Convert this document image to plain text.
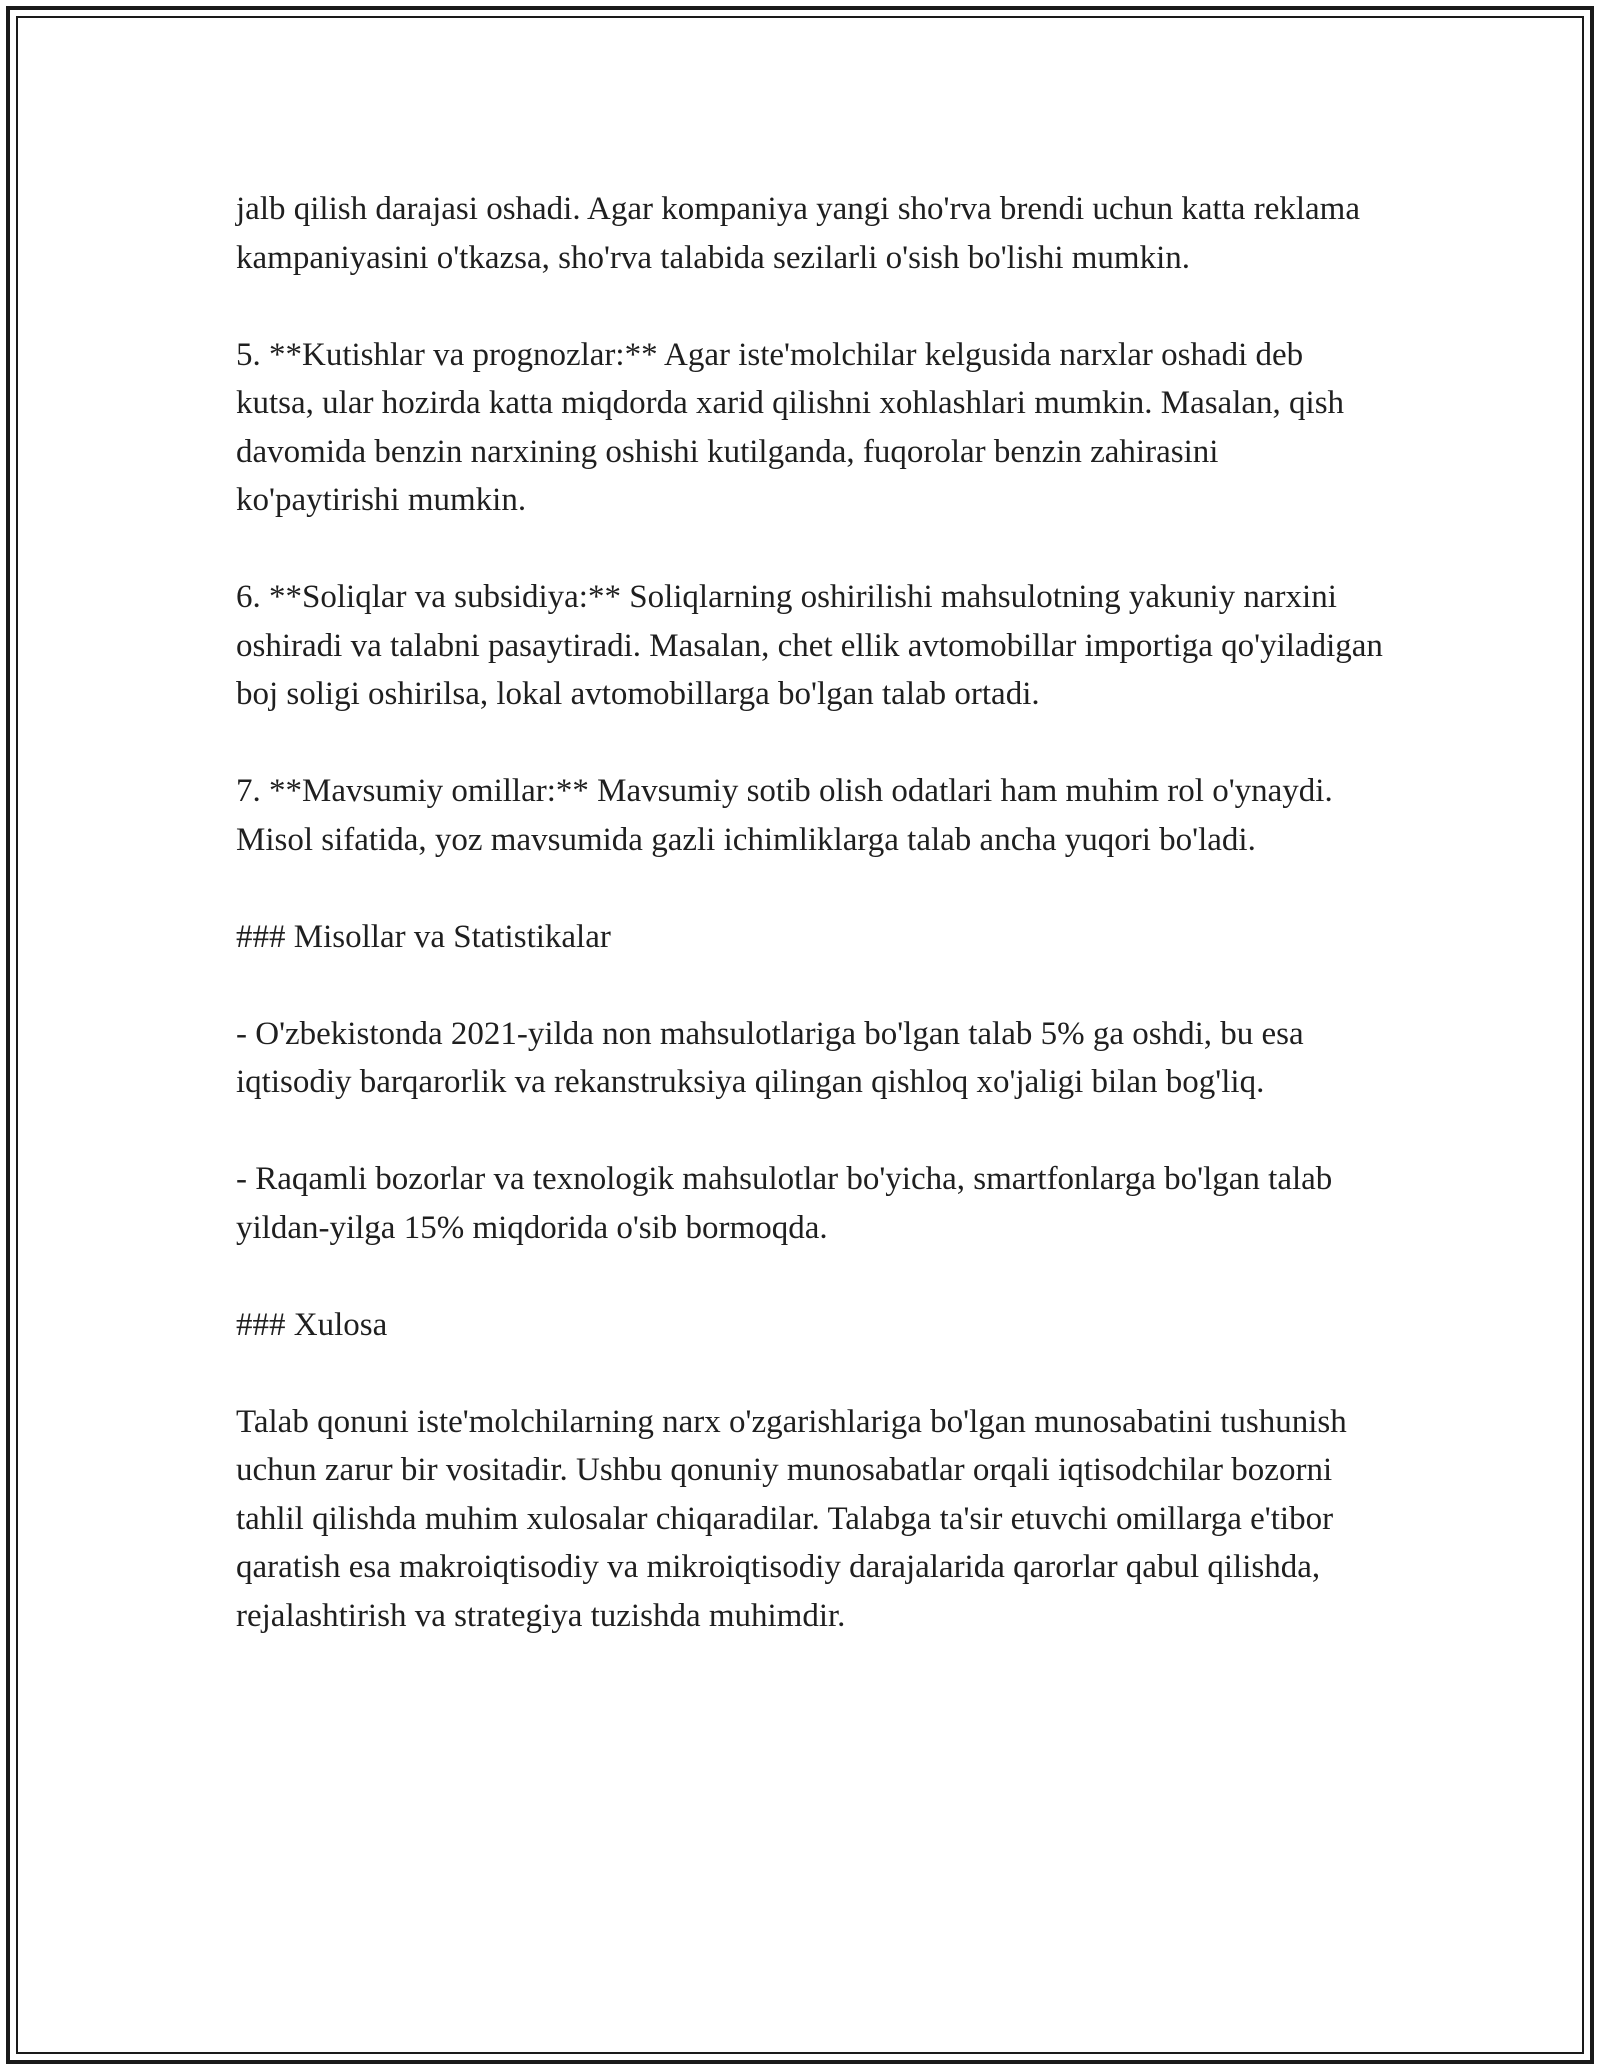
jalb qilish darajasi oshadi. Agar kompaniya yangi sho'rva brendi uchun katta reklama kampaniyasini o'tkazsa, sho'rva talabida sezilarli o'sish bo'lishi mumkin.

5. **Kutishlar va prognozlar:** Agar iste'molchilar kelgusida narxlar oshadi deb kutsa, ular hozirda katta miqdorda xarid qilishni xohlashlari mumkin. Masalan, qish davomida benzin narxining oshishi kutilganda, fuqorolar benzin zahirasini ko'paytirishi mumkin.

6. **Soliqlar va subsidiya:** Soliqlarning oshirilishi mahsulotning yakuniy narxini oshiradi va talabni pasaytiradi. Masalan, chet ellik avtomobillar importiga qo'yiladigan boj soligi oshirilsa, lokal avtomobillarga bo'lgan talab ortadi.

7. **Mavsumiy omillar:** Mavsumiy sotib olish odatlari ham muhim rol o'ynaydi. Misol sifatida, yoz mavsumida gazli ichimliklarga talab ancha yuqori bo'ladi.

### Misollar va Statistikalar

- O'zbekistonda 2021-yilda non mahsulotlariga bo'lgan talab 5% ga oshdi, bu esa iqtisodiy barqarorlik va rekanstruksiya qilingan qishloq xo'jaligi bilan bog'liq.

- Raqamli bozorlar va texnologik mahsulotlar bo'yicha, smartfonlarga bo'lgan talab yildan-yilga 15% miqdorida o'sib bormoqda.

### Xulosa

Talab qonuni iste'molchilarning narx o'zgarishlariga bo'lgan munosabatini tushunish uchun zarur bir vositadir. Ushbu qonuniy munosabatlar orqali iqtisodchilar bozorni tahlil qilishda muhim xulosalar chiqaradilar. Talabga ta'sir etuvchi omillarga e'tibor qaratish esa makroiqtisodiy va mikroiqtisodiy darajalarida qarorlar qabul qilishda, rejalashtirish va strategiya tuzishda muhimdir.
